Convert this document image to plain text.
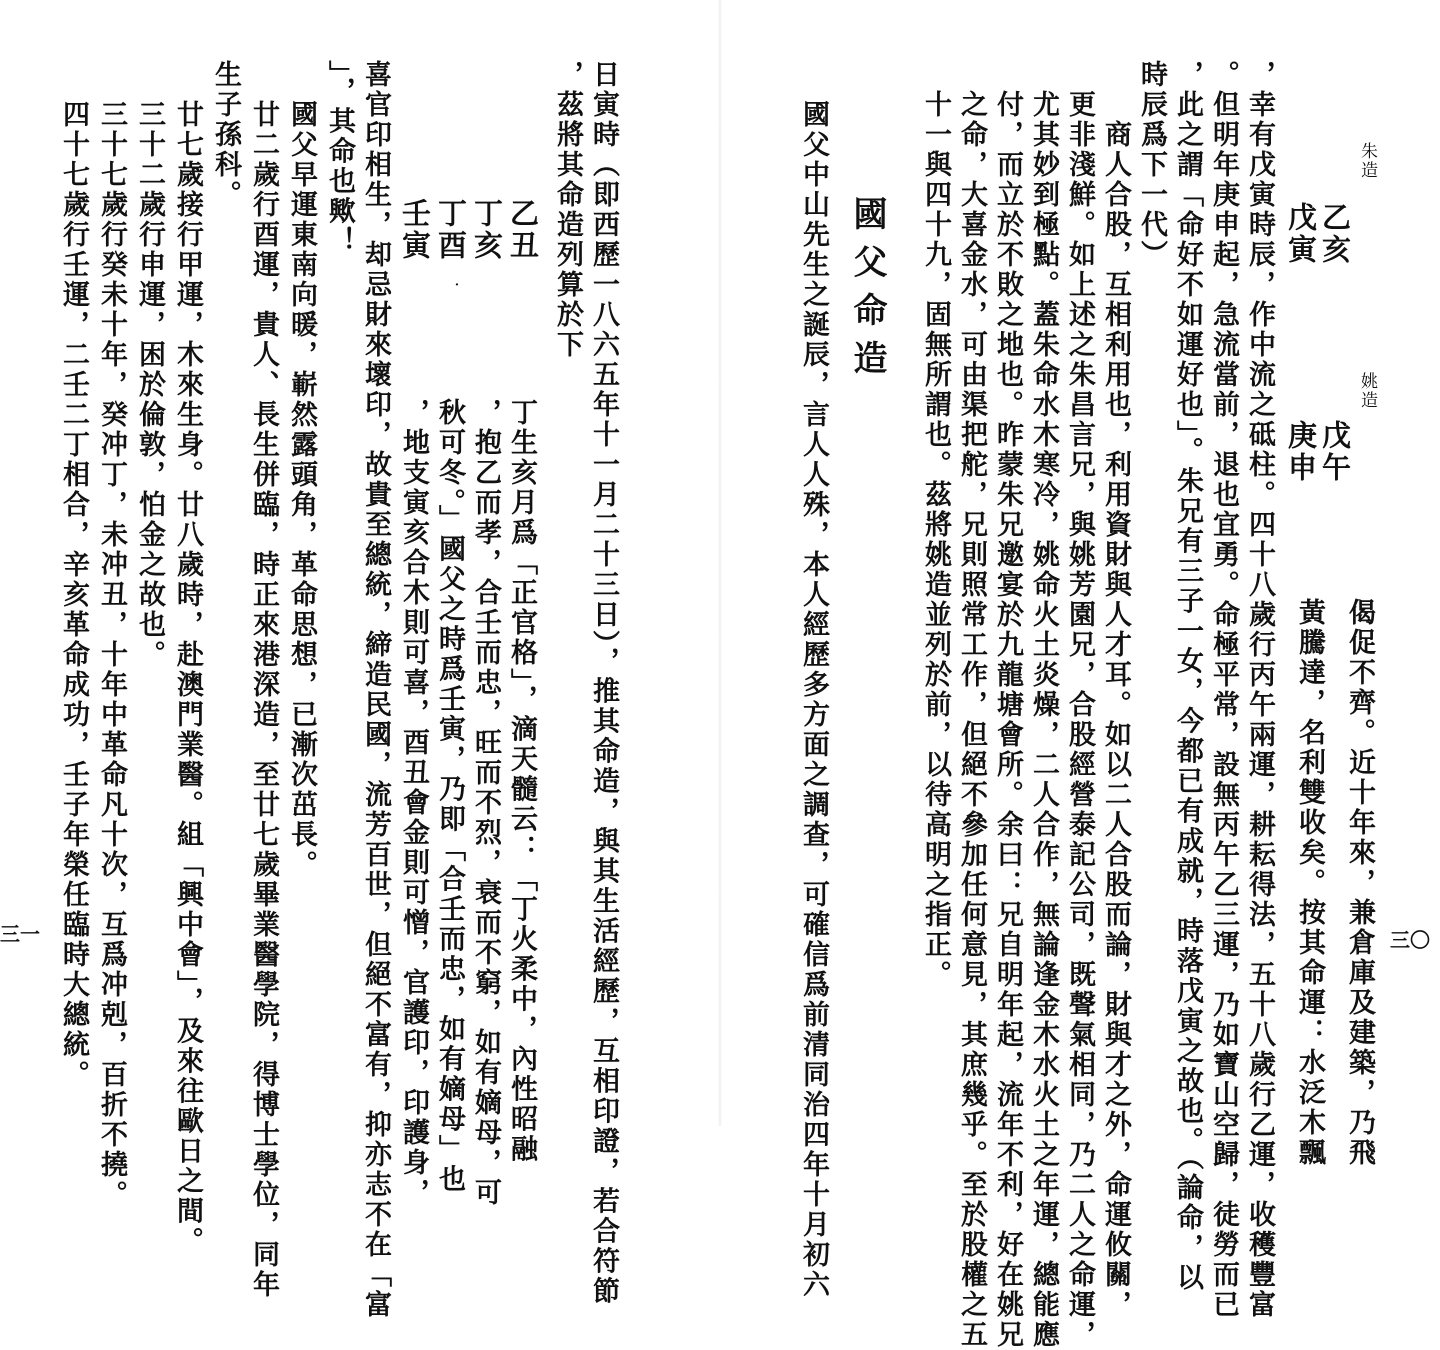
朱造
姚造
乙亥
戊寅
戊午
庚申
偈促不齊。近十年來，兼倉庫及建築，乃飛
黃騰達，名利雙收矣。按其命運：水泛木飄
，幸有戊寅時辰，作中流之砥柱。四十八歲行丙午兩運，耕耘得法，五十八歲行乙運，收穫豐富
。但明年庚申起，急流當前，退也宜勇。命極平常，設無丙午乙三運，乃如寶山空歸，徒勞而已
，此之謂「命好不如運好也」。朱兄有三子一女，今都已有成就，時落戊寅之故也。（論命，以
時辰爲下一代）
商人合股，互相利用也，利用資財與人才耳。如以二人合股而論，財與才之外，命運攸關，
更非淺鮮。如上述之朱昌言兄，與姚芳園兄，合股經營泰記公司，既聲氣相同，乃二人之命運，
尤其妙到極點。蓋朱命水木寒冷，姚命火土炎燥，二人合作，無論逢金木水火土之年運，總能應
付，而立於不敗之地也。昨蒙朱兄邀宴於九龍塘會所。余曰：兄自明年起，流年不利，好在姚兄
之命，大喜金水，可由渠把舵，兄則照常工作，但絕不參加任何意見，其庶幾乎。至於股權之五
十一與四十九，固無所謂也。茲將姚造並列於前，以待高明之指正。
國父命造
國父中山先生之誕辰，言人人殊，本人經歷多方面之調查，可確信爲前清同治四年十月初六	三〇
日寅時（即西歷一八六五年十一月二十三日），推其命造，與其生活經歷，互相印證，若合符節
，茲將其命造列算於下
乙丑
丁亥
丁酉
壬寅
．
丁生亥月爲「正官格」，滴天髓云：「丁火柔中，內性昭融
，抱乙而孝，合壬而忠，旺而不烈，衰而不窮，如有嫡母，可
秋可冬。」國父之時爲壬寅，乃即「合壬而忠，如有嫡母」也
，地支寅亥合木則可喜，酉丑會金則可憎，官護印，印護身，
喜官印相生，却忌財來壞印，故貴至總統，締造民國，流芳百世，但絕不富有，抑亦志不在「富
」，其命也歟！
國父早運東南向暖，嶄然露頭角，革命思想，已漸次茁長。
廿二歲行酉運，貴人、長生併臨，時正來港深造，至廿七歲畢業醫學院，得博士學位，同年
生子孫科。
廿七歲接行甲運，木來生身。廿八歲時，赴澳門業醫。組「興中會」，及來往歐日之間。
三十二歲行申運，困於倫敦，怕金之故也。
三十七歲行癸未十年，癸冲丁，未冲丑，十年中革命凡十次，互爲冲剋，百折不撓。
四十七歲行壬運，二壬二丁相合，辛亥革命成功，壬子年榮任臨時大總統。
三一
